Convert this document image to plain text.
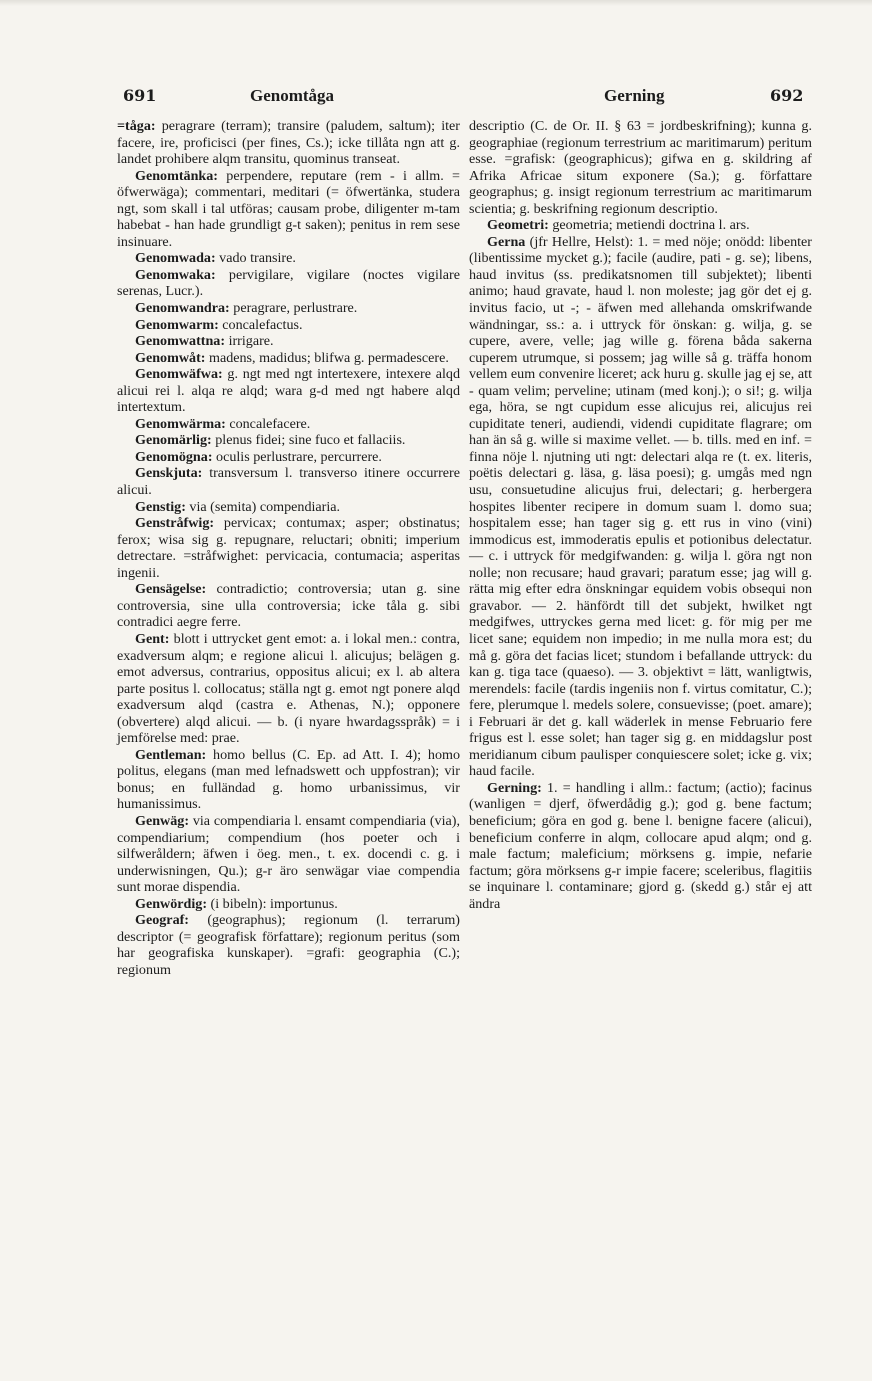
691	Genomtåga	Gerning	692

=tåga: peragrare (terram); transire (paludem, saltum); iter facere, ire, proficisci (per fines, Cs.); icke tillåta ngn att g. landet prohibere alqm transitu, quominus transeat.

Genomtänka: perpendere, reputare (rem - i allm. = öfwerwäga); commentari, meditari (= öfwertänka, studera ngt, som skall i tal utföras; causam probe, diligenter m-tam habebat - han hade grundligt g-t saken); penitus in rem sese insinuare.

Genomwada: vado transire.

Genomwaka: pervigilare, vigilare (noctes vigilare serenas, Lucr.).

Genomwandra: peragrare, perlustrare.

Genomwarm: concalefactus.

Genomwattna: irrigare.

Genomwåt: madens, madidus; blifwa g. permadescere.

Genomwäfwa: g. ngt med ngt intertexere, intexere alqd alicui rei l. alqa re alqd; wara g-d med ngt habere alqd intertextum.

Genomwärma: concalefacere.

Genomärlig: plenus fidei; sine fuco et fallaciis.

Genomögna: oculis perlustrare, percurrere.

Genskjuta: transversum l. transverso itinere occurrere alicui.

Genstig: via (semita) compendiaria.

Genstråfwig: pervicax; contumax; asper; obstinatus; ferox; wisa sig g. repugnare, reluctari; obniti; imperium detrectare. =stråfwighet: pervicacia, contumacia; asperitas ingenii.

Gensägelse: contradictio; controversia; utan g. sine controversia, sine ulla controversia; icke tåla g. sibi contradici aegre ferre.

Gent: blott i uttrycket gent emot: a. i lokal men.: contra, exadversum alqm; e regione alicui l. alicujus; belägen g. emot adversus, contrarius, oppositus alicui; ex l. ab altera parte positus l. collocatus; ställa ngt g. emot ngt ponere alqd exadversum alqd (castra e. Athenas, N.); opponere (obvertere) alqd alicui. — b. (i nyare hwardagsspråk) = i jemförelse med: prae.

Gentleman: homo bellus (C. Ep. ad Att. I. 4); homo politus, elegans (man med lefnadswett och uppfostran); vir bonus; en fulländad g. homo urbanissimus, vir humanissimus.

Genwäg: via compendiaria l. ensamt compendiaria (via), compendiarium; compendium (hos poeter och i silfweråldern; äfwen i öeg. men., t. ex. docendi c. g. i underwisningen, Qu.); g-r äro senwägar viae compendia sunt morae dispendia.

Genwördig: (i bibeln): importunus.

Geograf: (geographus); regionum (l. terrarum) descriptor (= geografisk författare); regionum peritus (som har geografiska kunskaper). =grafi: geographia (C.); regionum

descriptio (C. de Or. II. § 63 = jordbeskrifning); kunna g. geographiae (regionum terrestrium ac maritimarum) peritum esse. =grafisk: (geographicus); gifwa en g. skildring af Afrika Africae situm exponere (Sa.); g. författare geographus; g. insigt regionum terrestrium ac maritimarum scientia; g. beskrifning regionum descriptio.

Geometri: geometria; metiendi doctrina l. ars.

Gerna (jfr Hellre, Helst): 1. = med nöje; onödd: libenter (libentissime mycket g.); facile (audire, pati - g. se); libens, haud invitus (ss. predikatsnomen till subjektet); libenti animo; haud gravate, haud l. non moleste; jag gör det ej g. invitus facio, ut -; - äfwen med allehanda omskrifwande wändningar, ss.: a. i uttryck för önskan: g. wilja, g. se cupere, avere, velle; jag wille g. förena båda sakerna cuperem utrumque, si possem; jag wille så g. träffa honom vellem eum convenire liceret; ack huru g. skulle jag ej se, att - quam velim; perveline; utinam (med konj.); o si!; g. wilja ega, höra, se ngt cupidum esse alicujus rei, alicujus rei cupiditate teneri, audiendi, videndi cupiditate flagrare; om han än så g. wille si maxime vellet. — b. tills. med en inf. = finna nöje l. njutning uti ngt: delectari alqa re (t. ex. literis, poëtis delectari g. läsa, g. läsa poesi); g. umgås med ngn usu, consuetudine alicujus frui, delectari; g. herbergera hospites libenter recipere in domum suam l. domo sua; hospitalem esse; han tager sig g. ett rus in vino (vini) immodicus est, immoderatis epulis et potionibus delectatur. — c. i uttryck för medgifwanden: g. wilja l. göra ngt non nolle; non recusare; haud gravari; paratum esse; jag will g. rätta mig efter edra önskningar equidem vobis obsequi non gravabor. — 2. hänfördt till det subjekt, hwilket ngt medgifwes, uttryckes gerna med licet: g. för mig per me licet sane; equidem non impedio; in me nulla mora est; du må g. göra det facias licet; stundom i befallande uttryck: du kan g. tiga tace (quaeso). — 3. objektivt = lätt, wanligtwis, merendels: facile (tardis ingeniis non f. virtus comitatur, C.); fere, plerumque l. medels solere, consuevisse; (poet. amare); i Februari är det g. kall wäderlek in mense Februario fere frigus est l. esse solet; han tager sig g. en middagslur post meridianum cibum paulisper conquiescere solet; icke g. vix; haud facile.

Gerning: 1. = handling i allm.: factum; (actio); facinus (wanligen = djerf, öfwerdådig g.); god g. bene factum; beneficium; göra en god g. bene l. benigne facere (alicui), beneficium conferre in alqm, collocare apud alqm; ond g. male factum; maleficium; mörksens g. impie, nefarie factum; göra mörksens g-r impie facere; sceleribus, flagitiis se inquinare l. contaminare; gjord g. (skedd g.) står ej att ändra
